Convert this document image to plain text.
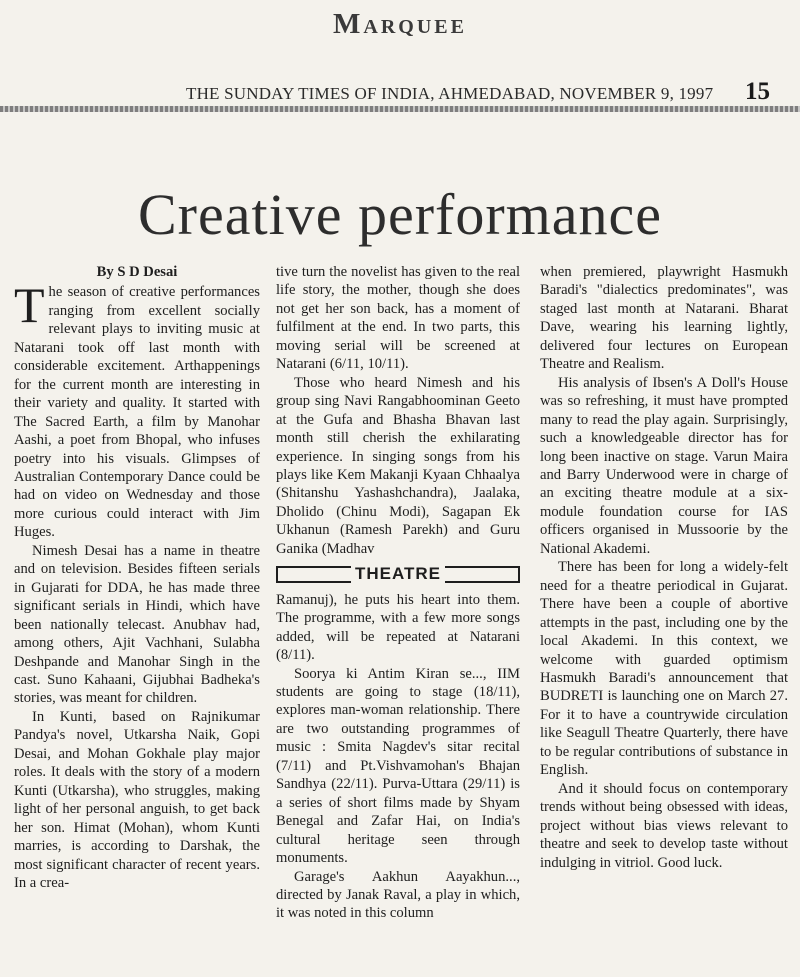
Marquee
THE SUNDAY TIMES OF INDIA, AHMEDABAD, NOVEMBER 9, 1997 15
Creative performance
By S D Desai

The season of creative performances ranging from excellent socially relevant plays to inviting music at Natarani took off last month with considerable excitement. Arthappenings for the current month are interesting in their variety and quality. It started with The Sacred Earth, a film by Manohar Aashi, a poet from Bhopal, who infuses poetry into his visuals. Glimpses of Australian Contemporary Dance could be had on video on Wednesday and those more curious could interact with Jim Huges.

Nimesh Desai has a name in theatre and on television. Besides fifteen serials in Gujarati for DDA, he has made three significant serials in Hindi, which have been nationally telecast. Anubhav had, among others, Ajit Vachhani, Sulabha Deshpande and Manohar Singh in the cast. Suno Kahaani, Gijubhai Badheka's stories, was meant for children.

In Kunti, based on Rajnikumar Pandya's novel, Utkarsha Naik, Gopi Desai, and Mohan Gokhale play major roles. It deals with the story of a modern Kunti (Utkarsha), who struggles, making light of her personal anguish, to get back her son. Himat (Mohan), whom Kunti marries, is according to Darshak, the most significant character of recent years. In a crea-

tive turn the novelist has given to the real life story, the mother, though she does not get her son back, has a moment of fulfilment at the end. In two parts, this moving serial will be screened at Natarani (6/11, 10/11).

Those who heard Nimesh and his group sing Navi Rangabhoominan Geeto at the Gufa and Bhasha Bhavan last month still cherish the exhilarating experience. In singing songs from his plays like Kem Makanji Kyaan Chhaalya (Shitanshu Yashashchandra), Jaalaka, Dholido (Chinu Modi), Sagapan Ek Ukhanun (Ramesh Parekh) and Guru Ganika (Madhav

THEATRE

Ramanuj), he puts his heart into them. The programme, with a few more songs added, will be repeated at Natarani (8/11).

Soorya ki Antim Kiran se..., IIM students are going to stage (18/11), explores man-woman relationship. There are two outstanding programmes of music : Smita Nagdev's sitar recital (7/11) and Pt.Vishvamohan's Bhajan Sandhya (22/11). Purva-Uttara (29/11) is a series of short films made by Shyam Benegal and Zafar Hai, on India's cultural heritage seen through monuments.

Garage's Aakhun Aayakhun..., directed by Janak Raval, a play in which, it was noted in this column

when premiered, playwright Hasmukh Baradi's "dialectics predominates", was staged last month at Natarani. Bharat Dave, wearing his learning lightly, delivered four lectures on European Theatre and Realism.

His analysis of Ibsen's A Doll's House was so refreshing, it must have prompted many to read the play again. Surprisingly, such a knowledgeable director has for long been inactive on stage. Varun Maira and Barry Underwood were in charge of an exciting theatre module at a six-module foundation course for IAS officers organised in Mussoorie by the National Akademi.

There has been for long a widely-felt need for a theatre periodical in Gujarat. There have been a couple of abortive attempts in the past, including one by the local Akademi. In this context, we welcome with guarded optimism Hasmukh Baradi's announcement that BUDRETI is launching one on March 27. For it to have a countrywide circulation like Seagull Theatre Quarterly, there have to be regular contributions of substance in English.

And it should focus on contemporary trends without being obsessed with ideas, project without bias views relevant to theatre and seek to develop taste without indulging in vitriol. Good luck.
